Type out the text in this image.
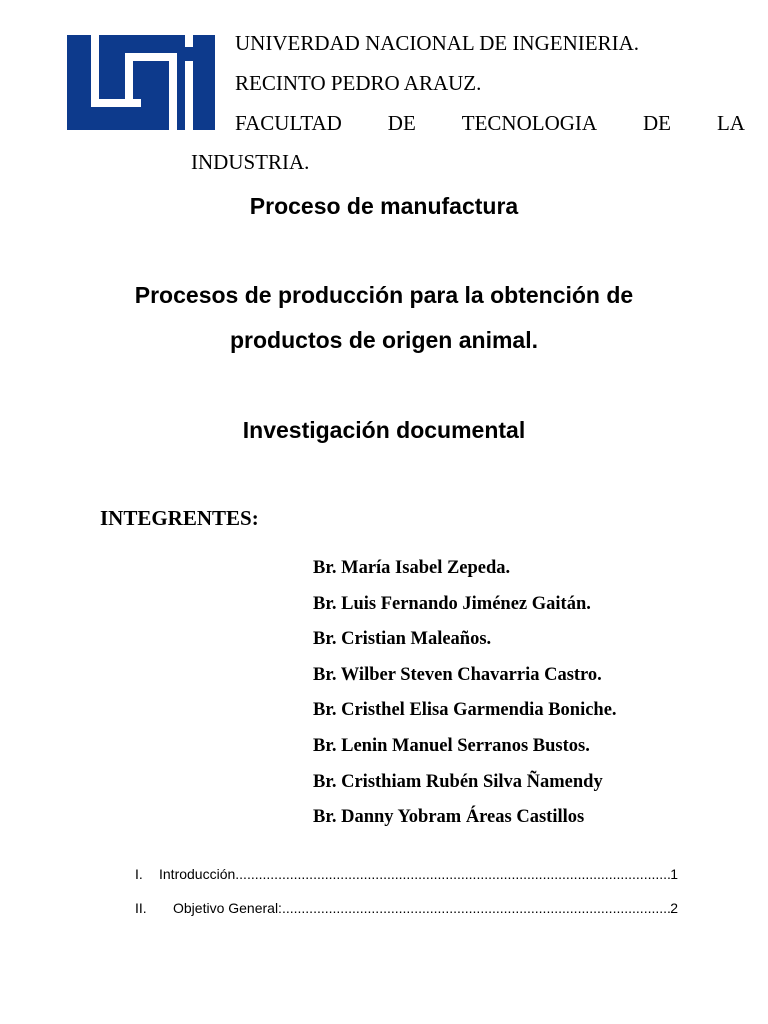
UNIVERDAD NACIONAL DE INGENIERIA.
RECINTO PEDRO ARAUZ.
FACULTAD DE TECNOLOGIA DE LA
INDUSTRIA.
Proceso de manufactura
Procesos de producción para la obtención de
productos de origen animal.
Investigación documental
INTEGRENTES:
Br. María Isabel Zepeda.
Br. Luis Fernando Jiménez Gaitán.
Br. Cristian Maleaños.
Br. Wilber Steven Chavarria Castro.
Br. Cristhel Elisa Garmendia Boniche.
Br. Lenin Manuel Serranos Bustos.
Br. Cristhiam Rubén Silva Ñamendy
Br. Danny Yobram Áreas Castillos
I.	Introducción .....	1
II.	Objetivo General: .....	2
